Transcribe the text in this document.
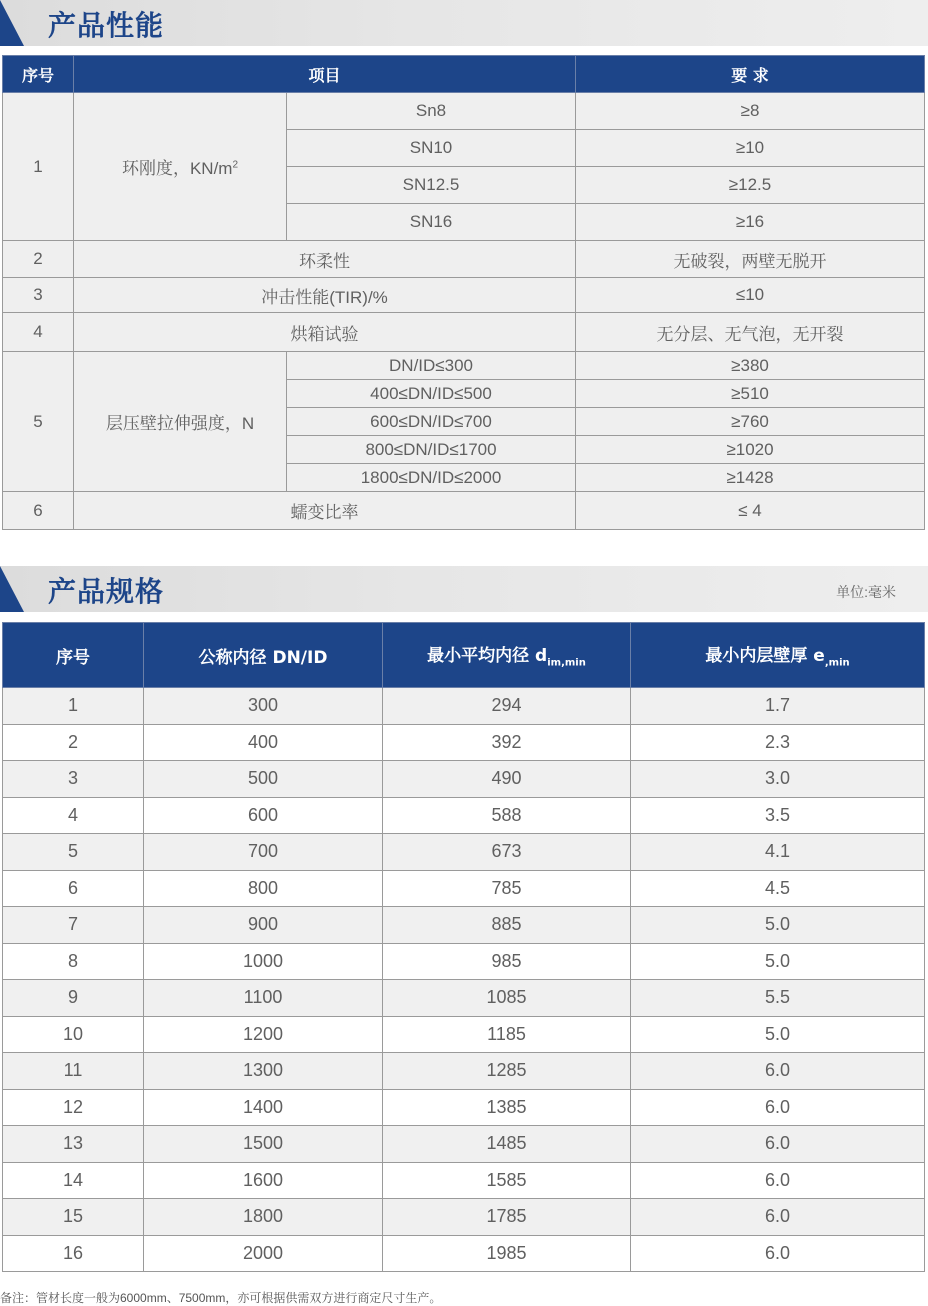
产品性能
序号	项目		要 求
1	环刚度，$KN/m^2$	Sn8	≥8
		SN10	≥10
		SN12.5	≥12.5
		SN16	≥16
2	环柔性		无破裂，两壁无脱开
3	冲击性能(TIR)/%		≤10
4	烘箱试验		无分层、无气泡，无开裂
5	层压壁拉伸强度，N	DN/ID≤300	≥380
		400≤DN/ID≤500	≥510
		600≤DN/ID≤700	≥760
		800≤DN/ID≤1700	≥1020
		1800≤DN/ID≤2000	≥1428
6	蠕变比率		≤ 4
产品规格	单位:毫米
序号	公称内径 DN/ID	最小平均内径 $d_{im,min}$	最小内层壁厚 $e_{,min}$
1	300	294	1.7
2	400	392	2.3
3	500	490	3.0
4	600	588	3.5
5	700	673	4.1
6	800	785	4.5
7	900	885	5.0
8	1000	985	5.0
9	1100	1085	5.5
10	1200	1185	5.0
11	1300	1285	6.0
12	1400	1385	6.0
13	1500	1485	6.0
14	1600	1585	6.0
15	1800	1785	6.0
16	2000	1985	6.0
备注：管材长度一般为6000mm、7500mm，亦可根据供需双方进行商定尺寸生产。
